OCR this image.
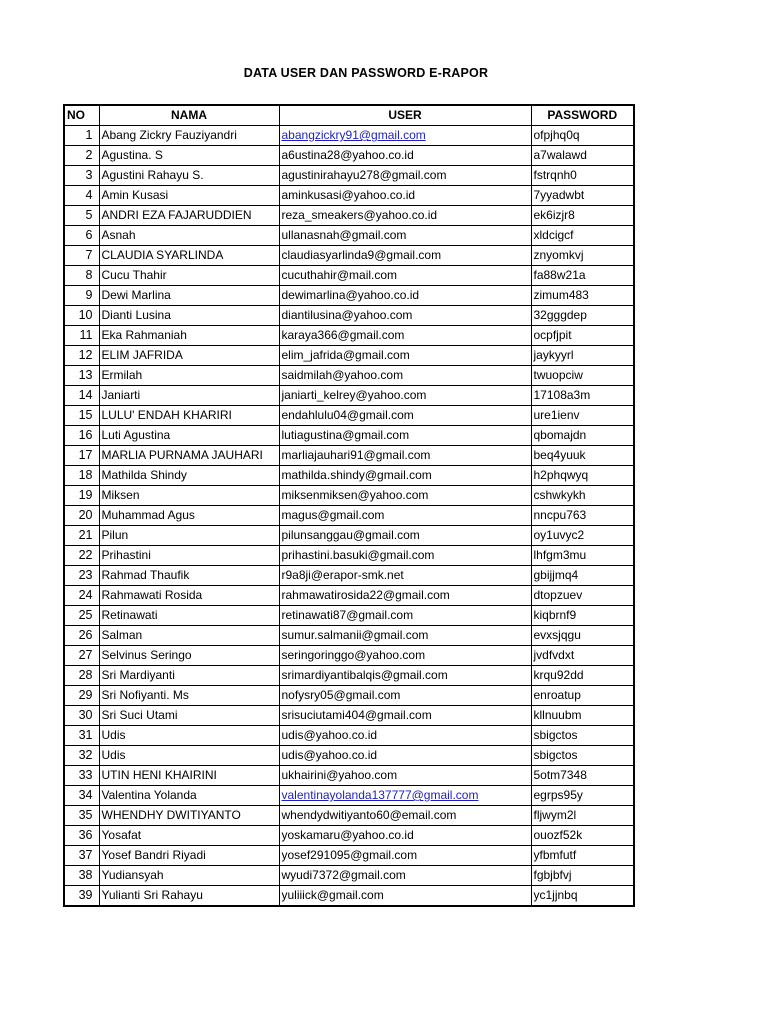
DATA USER DAN PASSWORD E-RAPOR
NO	NAMA	USER	PASSWORD
1	Abang Zickry Fauziyandri	abangzickry91@gmail.com	ofpjhq0q
2	Agustina. S	a6ustina28@yahoo.co.id	a7walawd
3	Agustini Rahayu S.	agustinirahayu278@gmail.com	fstrqnh0
4	Amin Kusasi	aminkusasi@yahoo.co.id	7yyadwbt
5	ANDRI EZA FAJARUDDIEN	reza_smeakers@yahoo.co.id	ek6izjr8
6	Asnah	ullanasnah@gmail.com	xldcigcf
7	CLAUDIA SYARLINDA	claudiasyarlinda9@gmail.com	znyomkvj
8	Cucu Thahir	cucuthahir@mail.com	fa88w21a
9	Dewi Marlina	dewimarlina@yahoo.co.id	zimum483
10	Dianti Lusina	diantilusina@yahoo.com	32gggdep
11	Eka Rahmaniah	karaya366@gmail.com	ocpfjpit
12	ELIM JAFRIDA	elim_jafrida@gmail.com	jaykyyrl
13	Ermilah	saidmilah@yahoo.com	twuopciw
14	Janiarti	janiarti_kelrey@yahoo.com	17108a3m
15	LULU' ENDAH KHARIRI	endahlulu04@gmail.com	ure1ienv
16	Luti Agustina	lutiagustina@gmail.com	qbomajdn
17	MARLIA PURNAMA JAUHARI	marliajauhari91@gmail.com	beq4yuuk
18	Mathilda Shindy	mathilda.shindy@gmail.com	h2phqwyq
19	Miksen	miksenmiksen@yahoo.com	cshwkykh
20	Muhammad Agus	magus@gmail.com	nncpu763
21	Pilun	pilunsanggau@gmail.com	oy1uvyc2
22	Prihastini	prihastini.basuki@gmail.com	lhfgm3mu
23	Rahmad Thaufik	r9a8ji@erapor-smk.net	gbijjmq4
24	Rahmawati Rosida	rahmawatirosida22@gmail.com	dtopzuev
25	Retinawati	retinawati87@gmail.com	kiqbrnf9
26	Salman	sumur.salmanii@gmail.com	evxsjqgu
27	Selvinus Seringo	seringoringgo@yahoo.com	jvdfvdxt
28	Sri Mardiyanti	srimardiyantibalqis@gmail.com	krqu92dd
29	Sri Nofiyanti. Ms	nofysry05@gmail.com	enroatup
30	Sri Suci Utami	srisuciutami404@gmail.com	kllnuubm
31	Udis	udis@yahoo.co.id	sbigctos
32	Udis	udis@yahoo.co.id	sbigctos
33	UTIN HENI KHAIRINI	ukhairini@yahoo.com	5otm7348
34	Valentina Yolanda	valentinayolanda137777@gmail.com	egrps95y
35	WHENDHY DWITIYANTO	whendydwitiyanto60@email.com	fljwym2l
36	Yosafat	yoskamaru@yahoo.co.id	ouozf52k
37	Yosef Bandri Riyadi	yosef291095@gmail.com	yfbmfutf
38	Yudiansyah	wyudi7372@gmail.com	fgbjbfvj
39	Yulianti Sri Rahayu	yuliiick@gmail.com	yc1jjnbq
